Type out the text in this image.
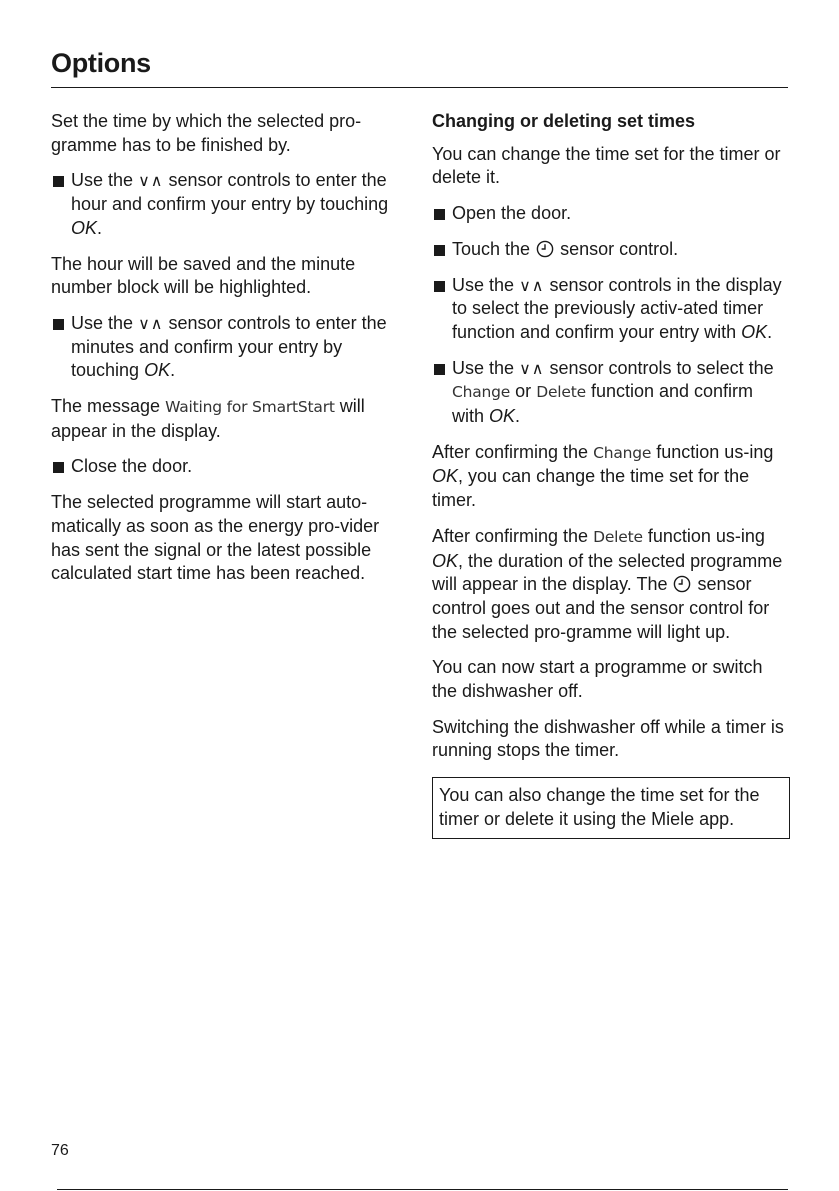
Options

Set the time by which the selected pro-gramme has to be finished by.

Use the ∨∧ sensor controls to enter the hour and confirm your entry by touching OK.

The hour will be saved and the minute number block will be highlighted.

Use the ∨∧ sensor controls to enter the minutes and confirm your entry by touching OK.

The message Waiting for SmartStart will appear in the display.

Close the door.

The selected programme will start auto-matically as soon as the energy pro-vider has sent the signal or the latest possible calculated start time has been reached.

Changing or deleting set times

You can change the time set for the timer or delete it.

Open the door.
Touch the sensor control.
Use the ∨∧ sensor controls in the display to select the previously activ-ated timer function and confirm your entry with OK.
Use the ∨∧ sensor controls to select the Change or Delete function and confirm with OK.

After confirming the Change function us-ing OK, you can change the time set for the timer.

After confirming the Delete function us-ing OK, the duration of the selected programme will appear in the display. The sensor control goes out and the sensor control for the selected pro-gramme will light up.

You can now start a programme or switch the dishwasher off.

Switching the dishwasher off while a timer is running stops the timer.

You can also change the time set for the timer or delete it using the Miele app.
76
